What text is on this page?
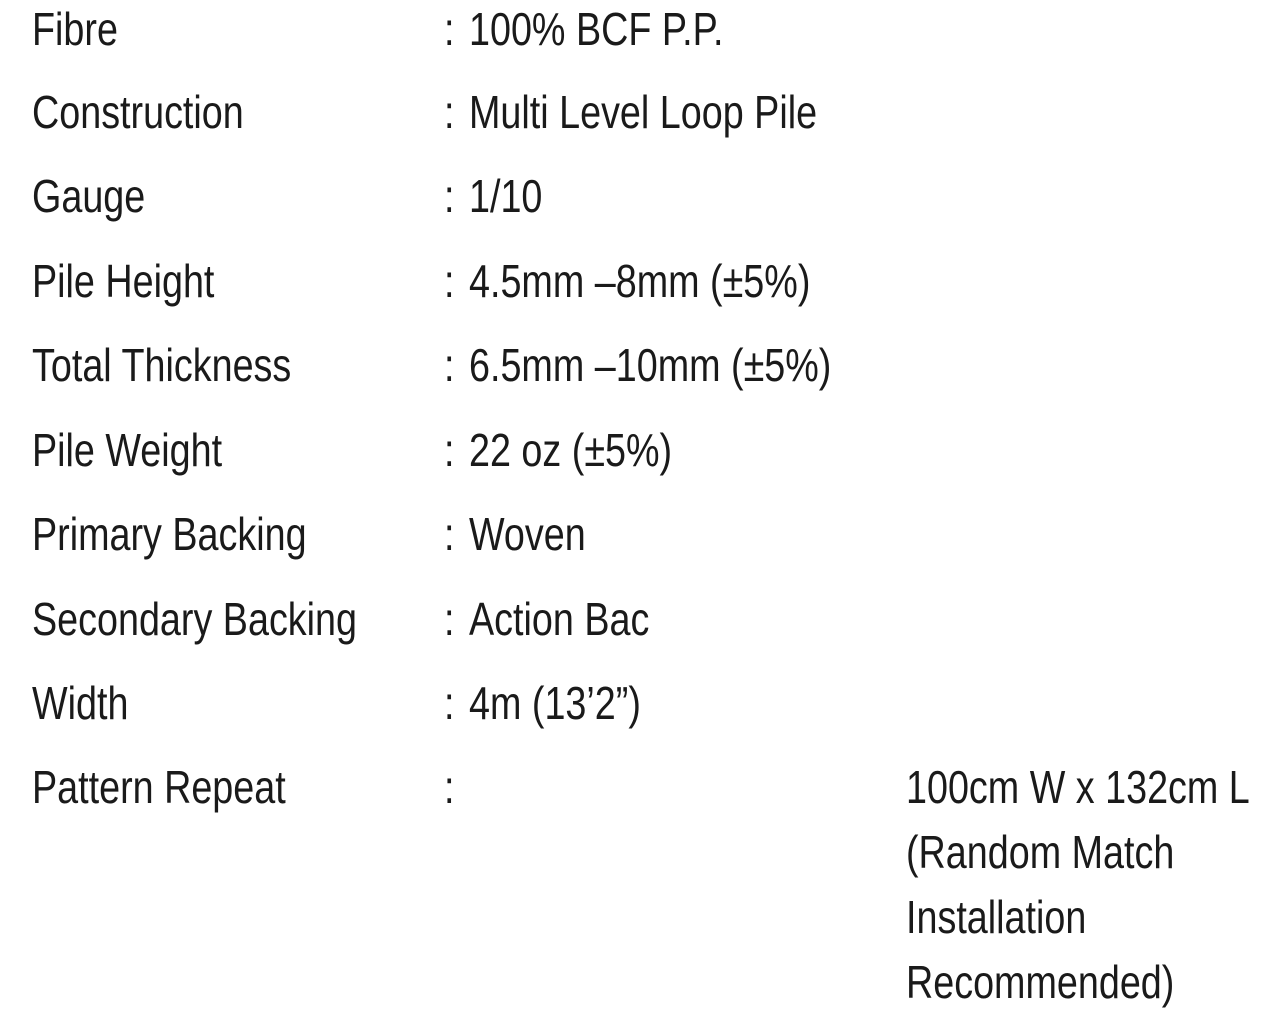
Fibre	: 100% BCF P.P.
Construction	: Multi Level Loop Pile
Gauge	: 1/10
Pile Height	: 4.5mm –8mm (±5%)
Total Thickness	: 6.5mm –10mm (±5%)
Pile Weight	: 22 oz (±5%)
Primary Backing	: Woven
Secondary Backing : Action Bac
Width	: 4m (13’2”)
Pattern Repeat	:	100cm W x 132cm L
(Random Match
Installation
Recommended)
